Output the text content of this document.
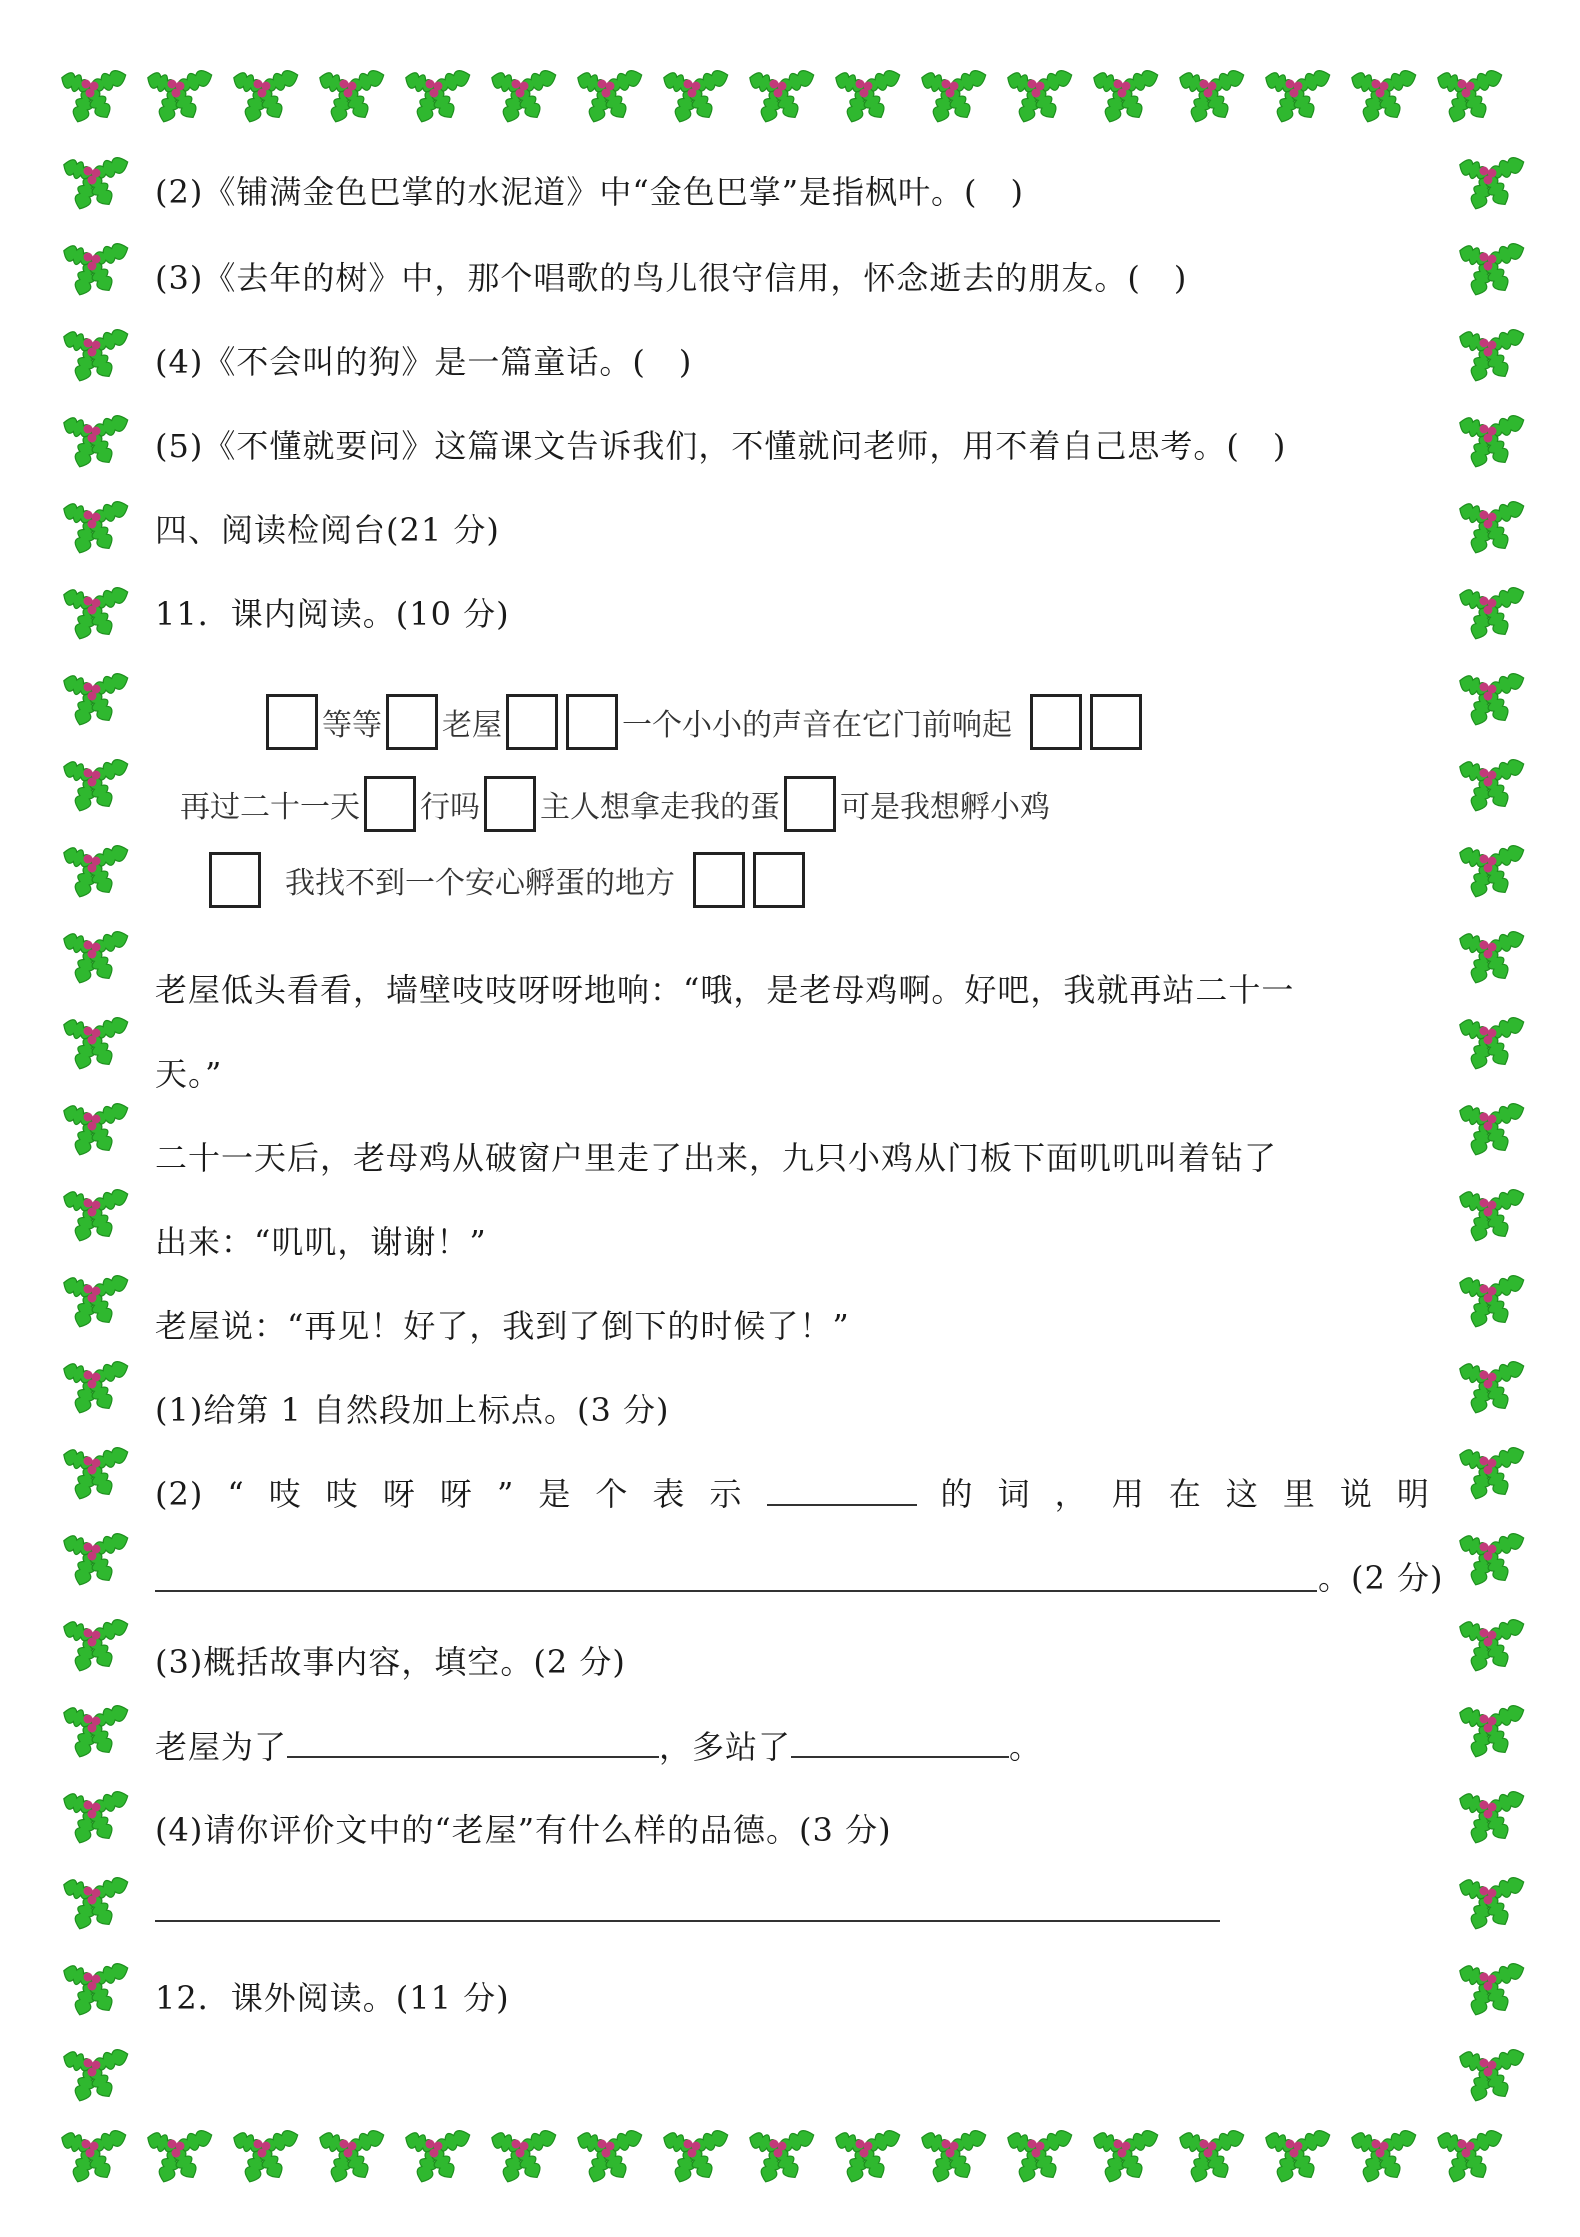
(2)《铺满金色巴掌的水泥道》中“金色巴掌”是指枫叶。(　)
(3)《去年的树》中，那个唱歌的鸟儿很守信用，怀念逝去的朋友。(　)
(4)《不会叫的狗》是一篇童话。(　)
(5)《不懂就要问》这篇课文告诉我们，不懂就问老师，用不着自己思考。(　)
四、阅读检阅台(21 分)
11．课内阅读。(10 分)
等等 老屋	一个小小的声音在它门前响起
再过二十一天 行吗 主人想拿走我的蛋 可是我想孵小鸡
我找不到一个安心孵蛋的地方
老屋低头看看，墙壁吱吱呀呀地响：“哦，是老母鸡啊。好吧，我就再站二十一
天。”
二十一天后，老母鸡从破窗户里走了出来，九只小鸡从门板下面叽叽叫着钻了
出来：“叽叽，谢谢！”
老屋说：“再见！好了，我到了倒下的时候了！”
(1)给第 1 自然段加上标点。(3 分)
(2) “ 吱 吱 呀 呀 ” 是 个 表 示	的 词 ， 用 在 这 里 说 明
。(2 分)
(3)概括故事内容，填空。(2 分)
老屋为了	，多站了	。
(4)请你评价文中的“老屋”有什么样的品德。(3 分)
12．课外阅读。(11 分)
